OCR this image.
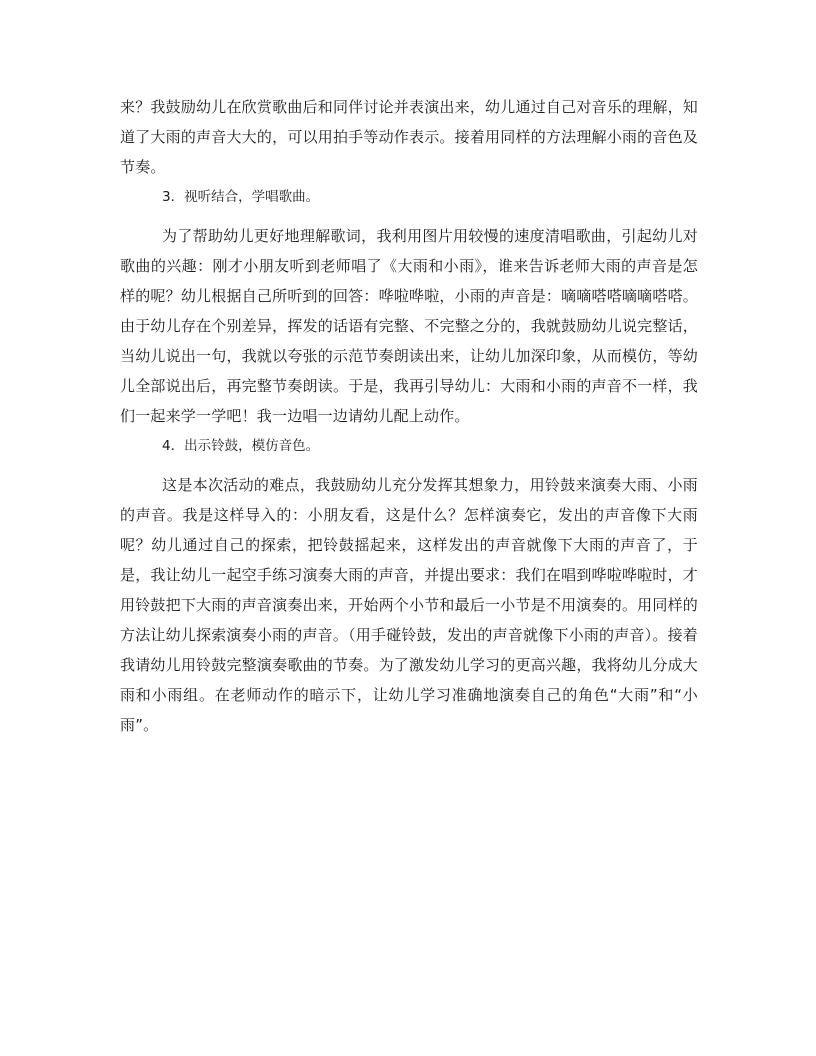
来？我鼓励幼儿在欣赏歌曲后和同伴讨论并表演出来，幼儿通过自己对音乐的理解，知道了大雨的声音大大的，可以用拍手等动作表示。接着用同样的方法理解小雨的音色及节奏。

3．视听结合，学唱歌曲。

为了帮助幼儿更好地理解歌词，我利用图片用较慢的速度清唱歌曲，引起幼儿对歌曲的兴趣：刚才小朋友听到老师唱了《大雨和小雨》，谁来告诉老师大雨的声音是怎样的呢？幼儿根据自己所听到的回答：哗啦哗啦，小雨的声音是：嘀嘀嗒嗒嘀嘀嗒嗒。由于幼儿存在个别差异，挥发的话语有完整、不完整之分的，我就鼓励幼儿说完整话，当幼儿说出一句，我就以夸张的示范节奏朗读出来，让幼儿加深印象，从而模仿，等幼儿全部说出后，再完整节奏朗读。于是，我再引导幼儿：大雨和小雨的声音不一样，我们一起来学一学吧！我一边唱一边请幼儿配上动作。

4．出示铃鼓，模仿音色。

这是本次活动的难点，我鼓励幼儿充分发挥其想象力，用铃鼓来演奏大雨、小雨的声音。我是这样导入的：小朋友看，这是什么？怎样演奏它，发出的声音像下大雨呢？幼儿通过自己的探索，把铃鼓摇起来，这样发出的声音就像下大雨的声音了，于是，我让幼儿一起空手练习演奏大雨的声音，并提出要求：我们在唱到哗啦哗啦时，才用铃鼓把下大雨的声音演奏出来，开始两个小节和最后一小节是不用演奏的。用同样的方法让幼儿探索演奏小雨的声音。（用手碰铃鼓，发出的声音就像下小雨的声音）。接着我请幼儿用铃鼓完整演奏歌曲的节奏。为了激发幼儿学习的更高兴趣，我将幼儿分成大雨和小雨组。在老师动作的暗示下，让幼儿学习准确地演奏自己的角色“大雨”和“小雨”。
